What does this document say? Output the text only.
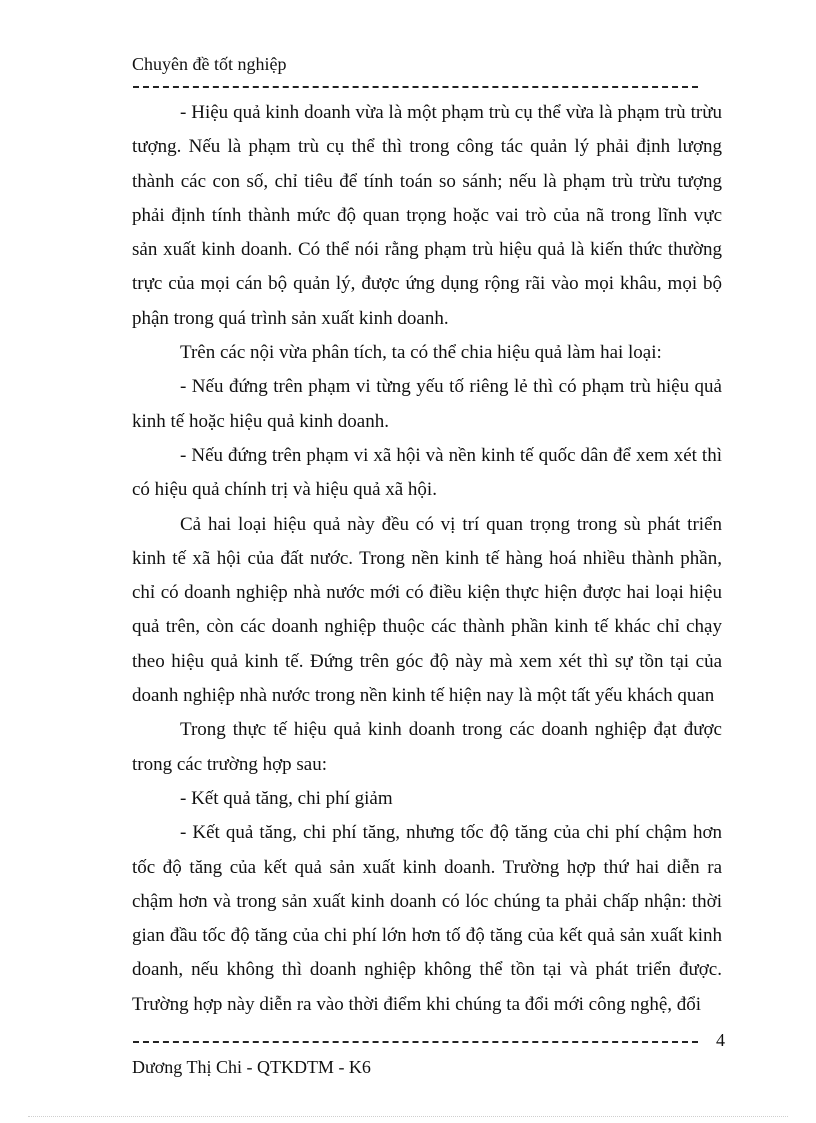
Chuyên đề tốt nghiệp

- Hiệu quả kinh doanh vừa là một phạm trù cụ thể vừa là phạm trù trừu tượng. Nếu là phạm trù cụ thể thì trong công tác quản lý phải định lượng thành các con số, chỉ tiêu để tính toán so sánh; nếu là phạm trù trừu tượng phải định tính thành mức độ quan trọng hoặc vai trò của nã trong lĩnh vực sản xuất kinh doanh. Có thể nói rằng phạm trù hiệu quả là kiến thức thường trực của mọi cán bộ quản lý, được ứng dụng rộng rãi vào mọi khâu, mọi bộ phận trong quá trình sản xuất kinh doanh.

Trên các nội vừa phân tích, ta có thể chia hiệu quả làm hai loại:

- Nếu đứng trên phạm vi từng yếu tố riêng lẻ thì có phạm trù hiệu quả kinh tế hoặc hiệu quả kinh doanh.

- Nếu đứng trên phạm vi xã hội và nền kinh tế quốc dân để xem xét thì có hiệu quả chính trị và hiệu quả xã hội.

Cả hai loại hiệu quả này đều có vị trí quan trọng trong sù phát triển kinh tế xã hội của đất nước. Trong nền kinh tế hàng hoá nhiều thành phần, chỉ có doanh nghiệp nhà nước mới có điều kiện thực hiện được hai loại hiệu quả trên, còn các doanh nghiệp thuộc các thành phần kinh tế khác chỉ chạy theo hiệu quả kinh tế. Đứng trên góc độ này mà xem xét thì sự tồn tại của doanh nghiệp nhà nước trong nền kinh tế hiện nay là một tất yếu khách quan

Trong thực tế hiệu quả kinh doanh trong các doanh nghiệp đạt được trong các trường hợp sau:

- Kết quả tăng, chi phí giảm

- Kết quả tăng, chi phí tăng, nhưng tốc độ tăng của chi phí chậm hơn tốc độ tăng của kết quả sản xuất kinh doanh. Trường hợp thứ hai diễn ra chậm hơn và trong sản xuất kinh doanh có lóc chúng ta phải chấp nhận: thời gian đầu tốc độ tăng của chi phí lớn hơn tố độ tăng của kết quả sản xuất kinh doanh, nếu không thì doanh nghiệp không thể tồn tại và phát triển được. Trường hợp này diễn ra vào thời điểm khi chúng ta đổi mới công nghệ, đổi

4
Dương Thị Chi - QTKDTM - K6
